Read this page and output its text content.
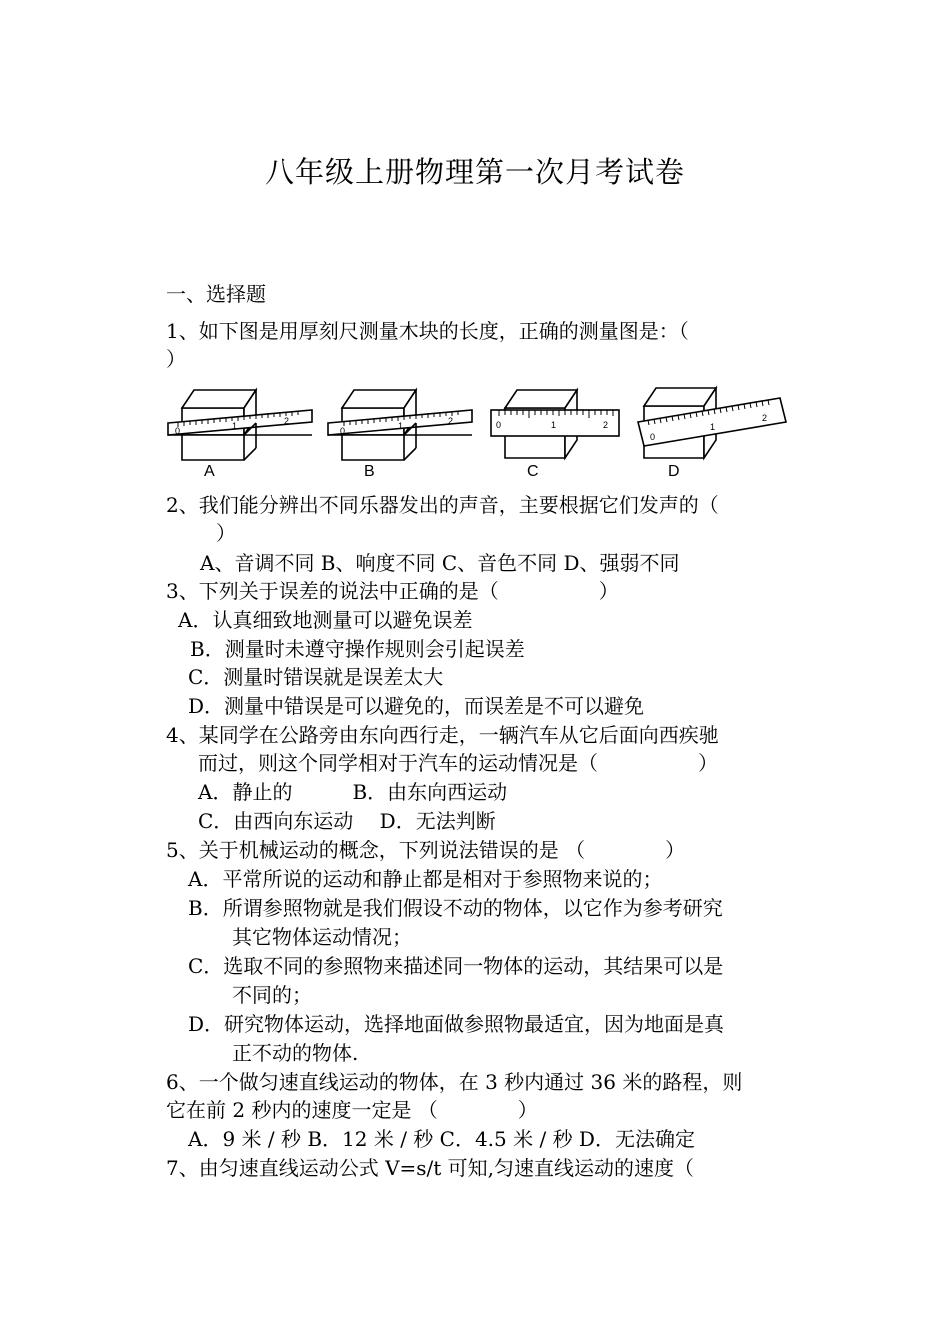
八年级上册物理第一次月考试卷
一、选择题
1、如下图是用厚刻尺测量木块的长度，正确的测量图是：（
）
0	1	2
A
0	1	2
B
0	1	2
C
0
1
2
D
2、我们能分辨出不同乐器发出的声音，主要根据它们发声的（
）
A、音调不同 B、响度不同 C、音色不同 D、强弱不同
3、下列关于误差的说法中正确的是（　　　　　）
A．认真细致地测量可以避免误差
B．测量时未遵守操作规则会引起误差
C．测量时错误就是误差太大
D．测量中错误是可以避免的，而误差是不可以避免
4、某同学在公路旁由东向西行走，一辆汽车从它后面向西疾驰
而过，则这个同学相对于汽车的运动情况是（　　　　　）
A．静止的　　　B．由东向西运动
C．由西向东运动　 D．无法判断
5、关于机械运动的概念，下列说法错误的是 （　　　　）
A．平常所说的运动和静止都是相对于参照物来说的；
B．所谓参照物就是我们假设不动的物体，以它作为参考研究
其它物体运动情况；
C．选取不同的参照物来描述同一物体的运动，其结果可以是
不同的；
D．研究物体运动，选择地面做参照物最适宜，因为地面是真
正不动的物体.
6、一个做匀速直线运动的物体，在 3 秒内通过 36 米的路程，则
它在前 2 秒内的速度一定是 （　　　　）
A．9 米 / 秒 B．12 米 / 秒 C．4.5 米 / 秒 D．无法确定
7、由匀速直线运动公式 V=s/t 可知,匀速直线运动的速度（
